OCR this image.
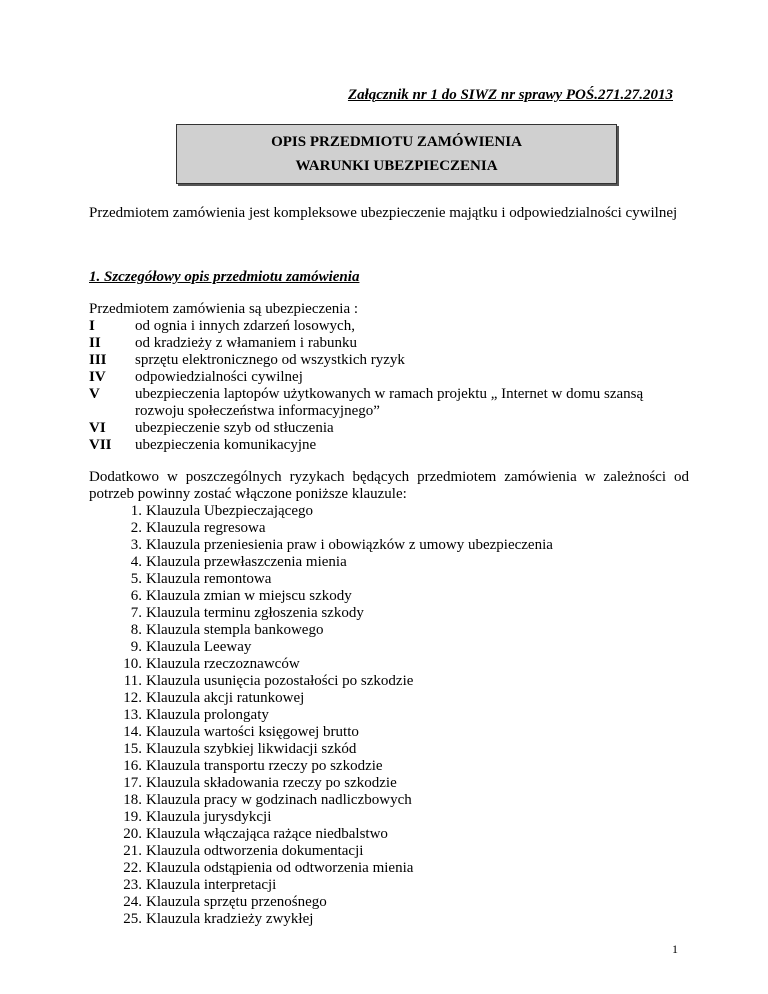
Załącznik nr 1 do SIWZ nr sprawy POŚ.271.27.2013
OPIS PRZEDMIOTU ZAMÓWIENIA
WARUNKI UBEZPIECZENIA
Przedmiotem zamówienia jest kompleksowe ubezpieczenie majątku i odpowiedzialności cywilnej
1. Szczegółowy opis przedmiotu zamówienia
Przedmiotem zamówienia są ubezpieczenia :
I	od ognia i innych zdarzeń losowych,
II	od kradzieży z włamaniem i rabunku
III	sprzętu elektronicznego od wszystkich ryzyk
IV	odpowiedzialności cywilnej
V	ubezpieczenia laptopów użytkowanych w ramach projektu „ Internet w domu szansą rozwoju społeczeństwa informacyjnego”
VI	ubezpieczenie szyb od stłuczenia
VII	ubezpieczenia komunikacyjne
Dodatkowo w poszczególnych ryzykach będących przedmiotem zamówienia w zależności od potrzeb powinny zostać włączone poniższe klauzule:
1. Klauzula Ubezpieczającego
2. Klauzula regresowa
3. Klauzula przeniesienia praw i obowiązków z umowy ubezpieczenia
4. Klauzula przewłaszczenia mienia
5. Klauzula remontowa
6. Klauzula zmian w miejscu szkody
7. Klauzula terminu zgłoszenia szkody
8. Klauzula stempla bankowego
9. Klauzula Leeway
10. Klauzula rzeczoznawców
11. Klauzula usunięcia pozostałości po szkodzie
12. Klauzula akcji ratunkowej
13. Klauzula prolongaty
14. Klauzula wartości księgowej brutto
15. Klauzula szybkiej likwidacji szkód
16. Klauzula transportu rzeczy po szkodzie
17. Klauzula składowania rzeczy po szkodzie
18. Klauzula pracy w godzinach nadliczbowych
19. Klauzula jurysdykcji
20. Klauzula włączająca rażące niedbalstwo
21. Klauzula odtworzenia dokumentacji
22. Klauzula odstąpienia od odtworzenia mienia
23. Klauzula interpretacji
24. Klauzula sprzętu przenośnego
25. Klauzula kradzieży zwykłej
1
